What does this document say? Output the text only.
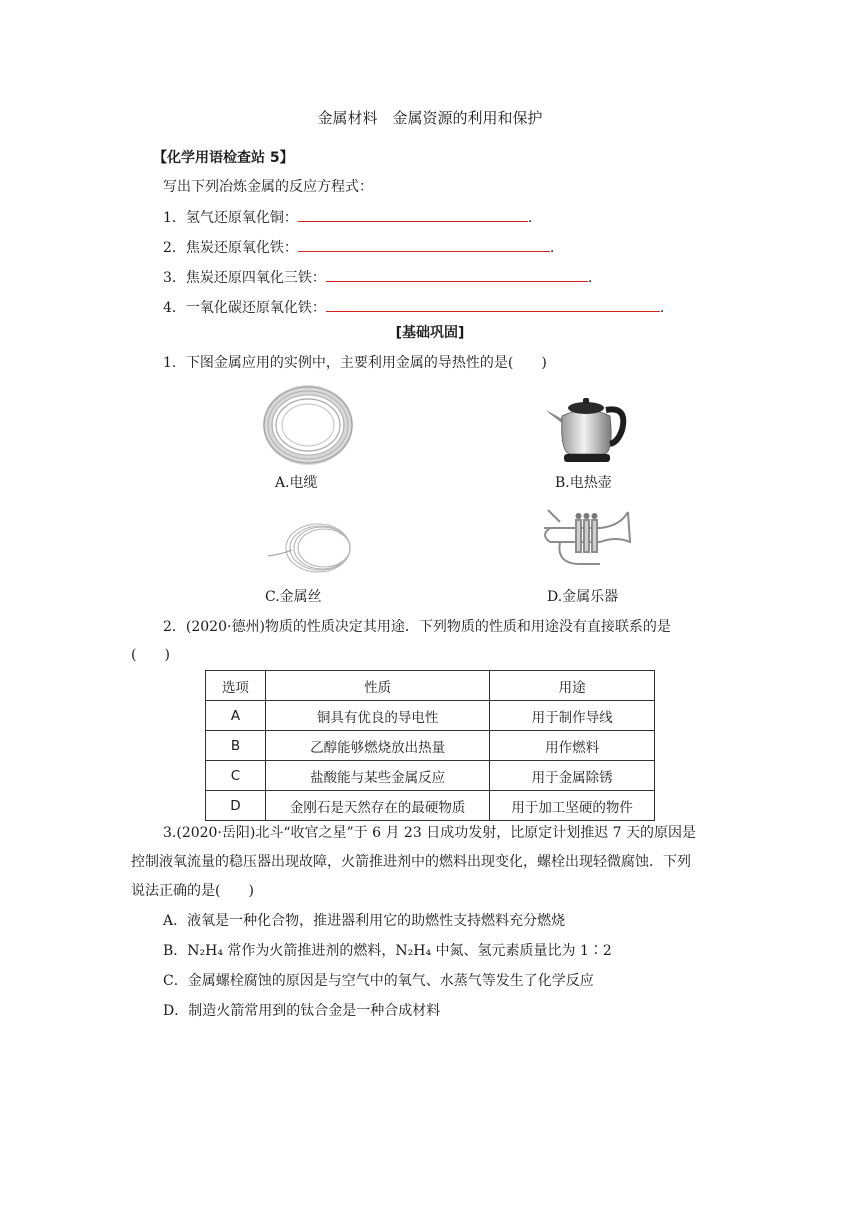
金属材料　金属资源的利用和保护
【化学用语检查站 5】
写出下列冶炼金属的反应方程式：
1．氢气还原氧化铜：	.
2．焦炭还原氧化铁：	.
3．焦炭还原四氧化三铁：	.
4．一氧化碳还原氧化铁：	.
[基础巩固]
1．下图金属应用的实例中，主要利用金属的导热性的是(　　)
A.电缆	B.电热壶
C.金属丝	D.金属乐器
2．(2020·德州)物质的性质决定其用途．下列物质的性质和用途没有直接联系的是
(　　)
选项	性质	用途
A	铜具有优良的导电性	用于制作导线
B	乙醇能够燃烧放出热量	用作燃料
C	盐酸能与某些金属反应	用于金属除锈
D	金刚石是天然存在的最硬物质	用于加工坚硬的物件
3.(2020·岳阳)北斗“收官之星”于 6 月 23 日成功发射，比原定计划推迟 7 天的原因是
控制液氧流量的稳压器出现故障，火箭推进剂中的燃料出现变化，螺栓出现轻微腐蚀．下列
说法正确的是(　　)
A．液氧是一种化合物，推进器利用它的助燃性支持燃料充分燃烧
B．N₂H₄ 常作为火箭推进剂的燃料，N₂H₄ 中氮、氢元素质量比为 1∶2
C．金属螺栓腐蚀的原因是与空气中的氧气、水蒸气等发生了化学反应
D．制造火箭常用到的钛合金是一种合成材料
